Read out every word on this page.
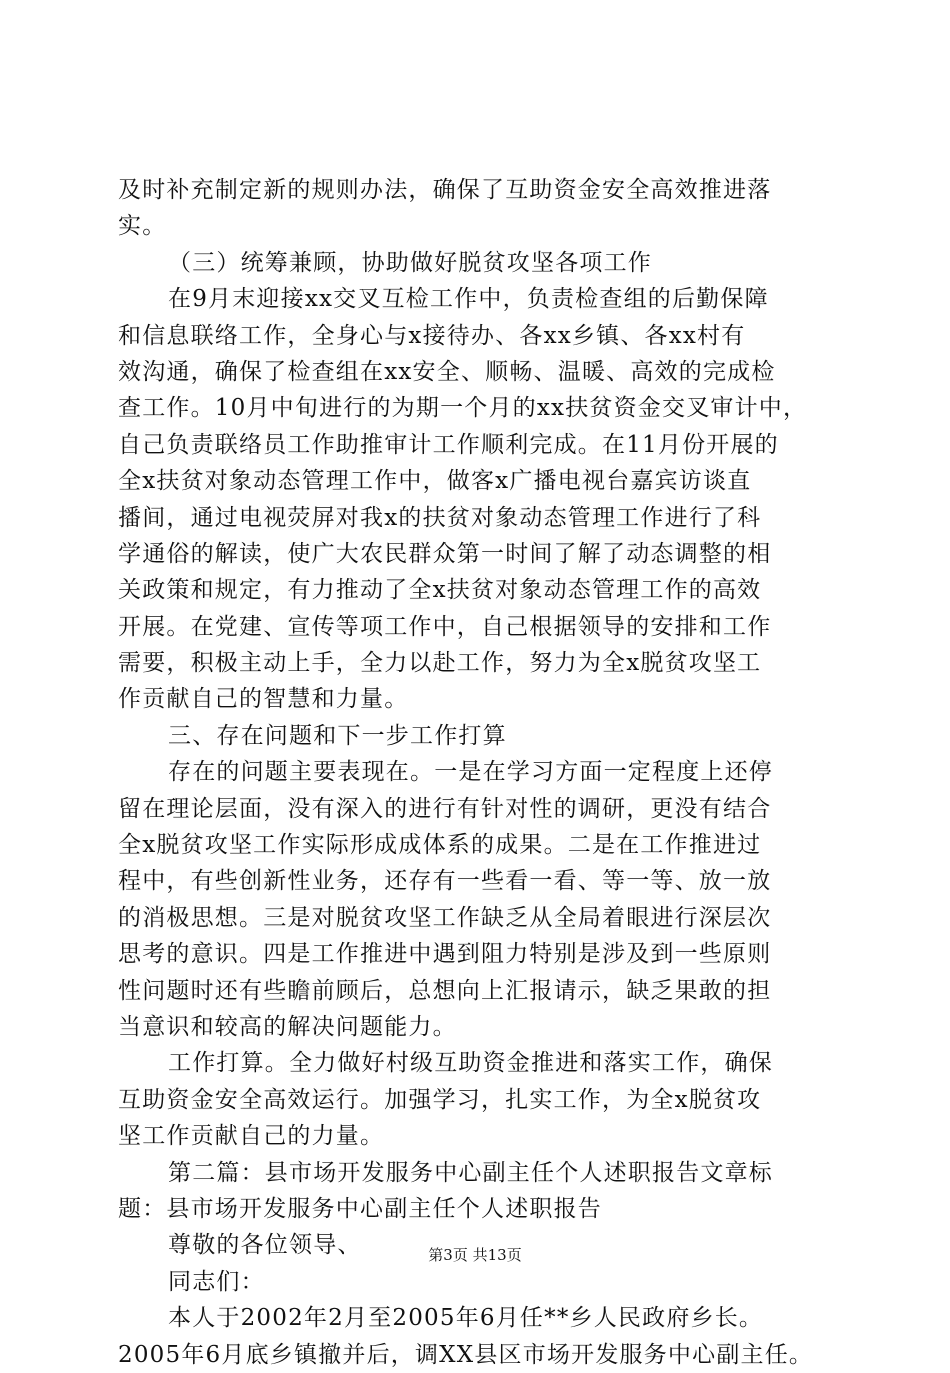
及时补充制定新的规则办法，确保了互助资金安全高效推进落
实。
（三）统筹兼顾，协助做好脱贫攻坚各项工作
在9月末迎接xx交叉互检工作中，负责检查组的后勤保障
和信息联络工作，全身心与x接待办、各xx乡镇、各xx村有
效沟通，确保了检查组在xx安全、顺畅、温暖、高效的完成检
查工作。10月中旬进行的为期一个月的xx扶贫资金交叉审计中，
自己负责联络员工作助推审计工作顺利完成。在11月份开展的
全x扶贫对象动态管理工作中，做客x广播电视台嘉宾访谈直
播间，通过电视荧屏对我x的扶贫对象动态管理工作进行了科
学通俗的解读，使广大农民群众第一时间了解了动态调整的相
关政策和规定，有力推动了全x扶贫对象动态管理工作的高效
开展。在党建、宣传等项工作中，自己根据领导的安排和工作
需要，积极主动上手，全力以赴工作，努力为全x脱贫攻坚工
作贡献自己的智慧和力量。
三、存在问题和下一步工作打算
存在的问题主要表现在。一是在学习方面一定程度上还停
留在理论层面，没有深入的进行有针对性的调研，更没有结合
全x脱贫攻坚工作实际形成成体系的成果。二是在工作推进过
程中，有些创新性业务，还存有一些看一看、等一等、放一放
的消极思想。三是对脱贫攻坚工作缺乏从全局着眼进行深层次
思考的意识。四是工作推进中遇到阻力特别是涉及到一些原则
性问题时还有些瞻前顾后，总想向上汇报请示，缺乏果敢的担
当意识和较高的解决问题能力。
工作打算。全力做好村级互助资金推进和落实工作，确保
互助资金安全高效运行。加强学习，扎实工作，为全x脱贫攻
坚工作贡献自己的力量。
第二篇：县市场开发服务中心副主任个人述职报告文章标
题：县市场开发服务中心副主任个人述职报告
尊敬的各位领导、
同志们：
本人于2002年2月至2005年6月任**乡人民政府乡长。
2005年6月底乡镇撤并后，调XX县区市场开发服务中心副主任。
第3页 共13页
